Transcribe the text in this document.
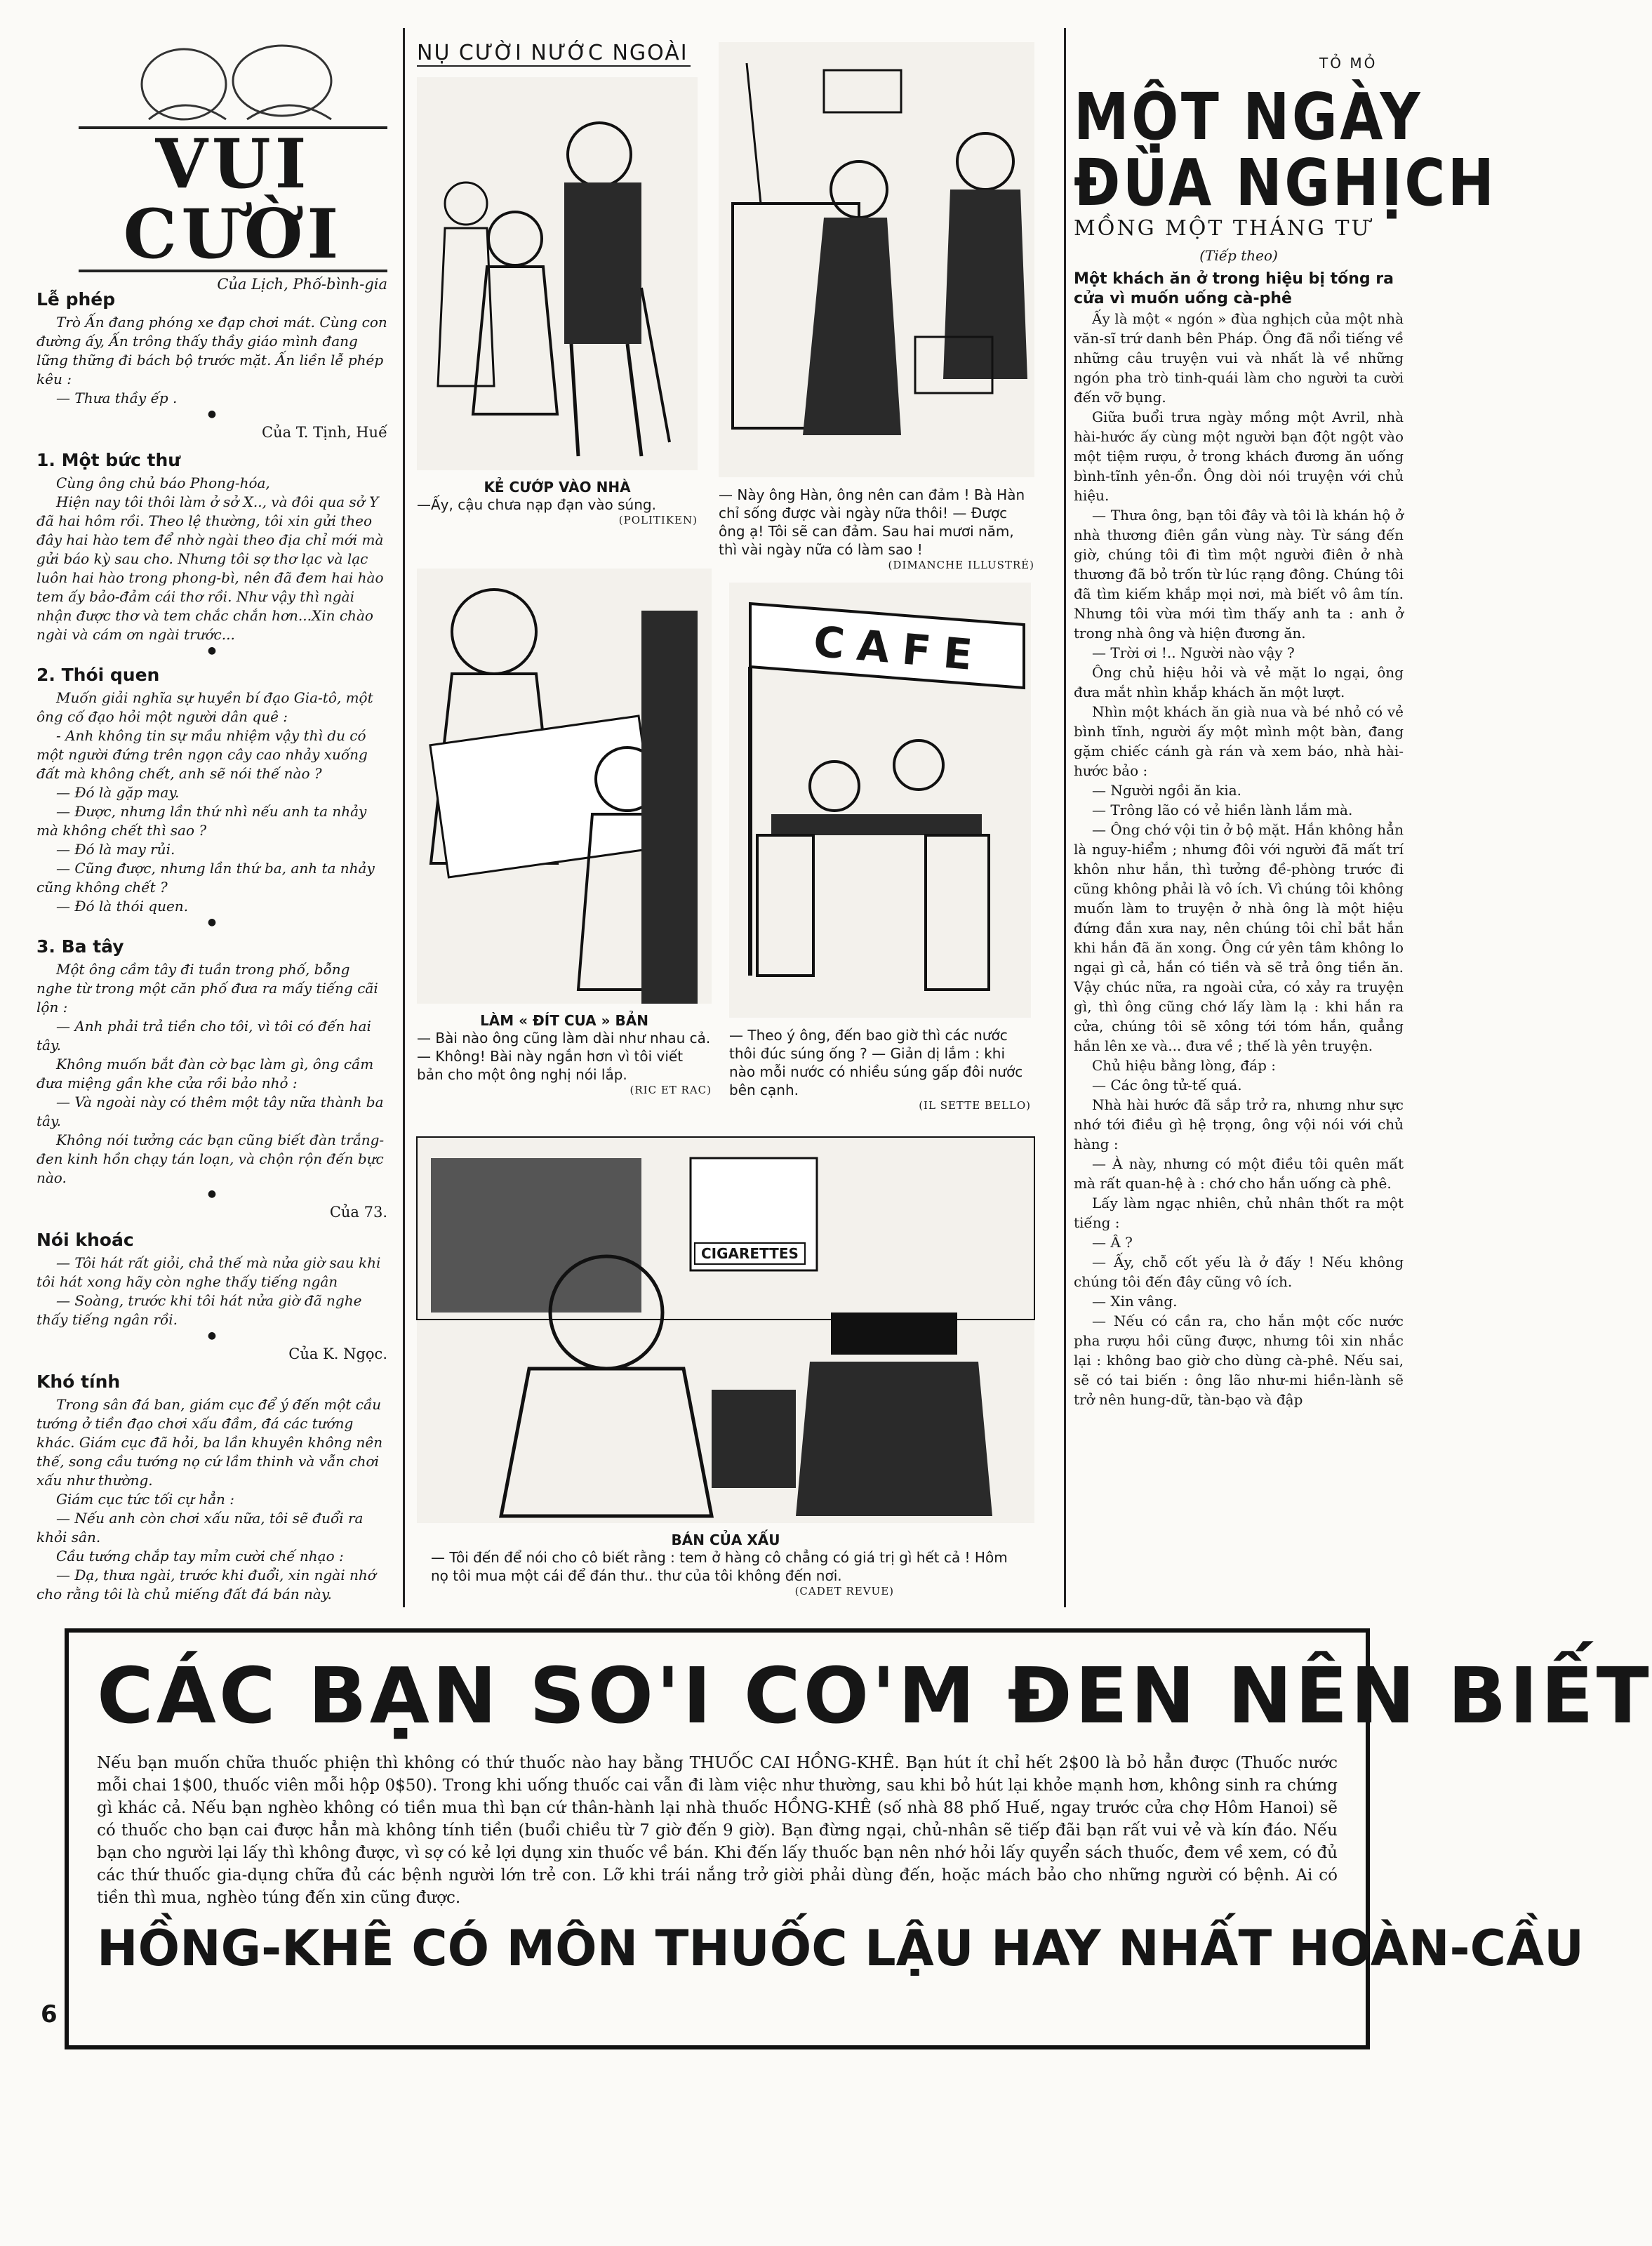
VUI CƯỜI
Của Lịch, Phố-bình-gia
Lễ phép

Trò Ấn đang phóng xe đạp chơi mát. Cùng con đường ấy, Ấn trông thấy thầy giáo mình đang lững thững đi bách bộ trước mặt. Ấn liền lễ phép kêu :

— Thưa thầy ếp .

●
Của T. Tịnh, Huế
1. Một bức thư

Cùng ông chủ báo Phong-hóa,

Hiện nay tôi thôi làm ở sở X.., và đôi qua sở Y đã hai hôm rồi. Theo lệ thường, tôi xin gửi theo đây hai hào tem để nhờ ngài theo địa chỉ mới mà gửi báo kỳ sau cho. Nhưng tôi sợ thơ lạc và lạc luôn hai hào trong phong-bì, nên đã đem hai hào tem ấy bảo-đảm cái thơ rồi. Như vậy thì ngài nhận được thơ và tem chắc chắn hơn...Xin chào ngài và cám ơn ngài trước...

●
2. Thói quen

Muốn giải nghĩa sự huyền bí đạo Gia-tô, một ông cố đạo hỏi một người dân quê :

- Anh không tin sự mầu nhiệm vậy thì du có một người đứng trên ngọn cây cao nhảy xuống đất mà không chết, anh sẽ nói thế nào ?

— Đó là gặp may.

— Được, nhưng lần thứ nhì nếu anh ta nhảy mà không chết thì sao ?

— Đó là may rủi.

— Cũng được, nhưng lần thứ ba, anh ta nhảy cũng không chết ?

— Đó là thói quen.

●
3. Ba tây

Một ông cầm tây đi tuần trong phố, bỗng nghe từ trong một căn phố đưa ra mấy tiếng cãi lộn :

— Anh phải trả tiền cho tôi, vì tôi có đến hai tây.

Không muốn bắt đàn cờ bạc làm gì, ông cầm đưa miệng gần khe cửa rồi bảo nhỏ :

— Và ngoài này có thêm một tây nữa thành ba tây.

Không nói tưởng các bạn cũng biết đàn trắng-đen kinh hồn chạy tán loạn, và chộn rộn đến bực nào.

●
Của 73.
Nói khoác

— Tôi hát rất giỏi, chả thế mà nửa giờ sau khi tôi hát xong hãy còn nghe thấy tiếng ngân

— Soàng, trước khi tôi hát nửa giờ đã nghe thấy tiếng ngân rồi.

●
Của K. Ngọc.
Khó tính

Trong sân đá ban, giám cục để ý đến một cầu tướng ở tiền đạo chơi xấu đầm, đá các tướng khác. Giám cục đã hỏi, ba lần khuyên không nên thế, song cầu tướng nọ cứ lầm thinh và vẫn chơi xấu như thường.

Giám cục tức tối cự hẳn :

— Nếu anh còn chơi xấu nữa, tôi sẽ đuổi ra khỏi sân.

Cầu tướng chắp tay mỉm cười chế nhạo :

— Dạ, thưa ngài, trước khi đuổi, xin ngài nhớ cho rằng tôi là chủ miếng đất đá bán này.

NỤ CƯỜI NƯỚC NGOÀI
KẺ CƯỚP VÀO NHÀ
—Ấy, cậu chưa nạp đạn vào súng.
(POLITIKEN)
— Này ông Hàn, ông nên can đảm ! Bà Hàn chỉ sống được vài ngày nữa thôi! — Được ông ạ! Tôi sẽ can đảm. Sau hai mươi năm, thì vài ngày nữa có làm sao !
(DIMANCHE ILLUSTRÉ)
LÀM « ĐÍT CUA » BẢN
— Bài nào ông cũng làm dài như nhau cả. — Không! Bài này ngắn hơn vì tôi viết bản cho một ông nghị nói lắp.
(RIC ET RAC)
CAFE
— Theo ý ông, đến bao giờ thì các nước thôi đúc súng ống ? — Giản dị lắm : khi nào mỗi nước có nhiều súng gấp đôi nước bên cạnh.
(IL SETTE BELLO)
CIGARETTES
BÁN CỦA XẤU
— Tôi đến để nói cho cô biết rằng : tem ở hàng cô chẳng có giá trị gì hết cả ! Hôm nọ tôi mua một cái để đán thư.. thư của tôi không đến nơi.
(CADET REVUE)
TỎ MỎ
MỘT NGÀY
ĐÙA NGHỊCH
MỒNG MỘT THÁNG TƯ
(Tiếp theo)
Một khách ăn ở trong hiệu bị tống ra cửa vì muốn uống cà-phê

Ấy là một « ngón » đùa nghịch của một nhà văn-sĩ trứ danh bên Pháp. Ông đã nổi tiếng về những câu truyện vui và nhất là về những ngón pha trò tinh-quái làm cho người ta cười đến vỡ bụng.

Giữa buổi trưa ngày mồng một Avril, nhà hài-hước ấy cùng một người bạn đột ngột vào một tiệm rượu, ở trong khách đương ăn uống bình-tĩnh yên-ổn. Ông dòi nói truyện với chủ hiệu.

— Thưa ông, bạn tôi đây và tôi là khán hộ ở nhà thương điên gần vùng này. Từ sáng đến giờ, chúng tôi đi tìm một người điên ở nhà thương đã bỏ trốn từ lúc rạng đông. Chúng tôi đã tìm kiếm khắp mọi nơi, mà biết vô âm tín. Nhưng tôi vừa mới tìm thấy anh ta : anh ở trong nhà ông và hiện đương ăn.

— Trời ơi !.. Người nào vậy ?

Ông chủ hiệu hỏi và vẻ mặt lo ngại, ông đưa mắt nhìn khắp khách ăn một lượt.

Nhìn một khách ăn già nua và bé nhỏ có vẻ bình tĩnh, người ấy một mình một bàn, đang gặm chiếc cánh gà rán và xem báo, nhà hài-hước bảo :

— Người ngồi ăn kia.

— Trông lão có vẻ hiền lành lắm mà.

— Ông chớ vội tin ở bộ mặt. Hắn không hẳn là nguy-hiểm ; nhưng đôi với người đã mất trí khôn như hắn, thì tưởng đề-phòng trước đi cũng không phải là vô ích. Vì chúng tôi không muốn làm to truyện ở nhà ông là một hiệu đứng đắn xưa nay, nên chúng tôi chỉ bắt hắn khi hắn đã ăn xong. Ông cứ yên tâm không lo ngại gì cả, hắn có tiền và sẽ trả ông tiền ăn. Vậy chúc nữa, ra ngoài cửa, có xảy ra truyện gì, thì ông cũng chớ lấy làm lạ : khi hắn ra cửa, chúng tôi sẽ xông tới tóm hắn, quẳng hắn lên xe và... đưa về ; thế là yên truyện.

Chủ hiệu bằng lòng, đáp :

— Các ông tử-tế quá.

Nhà hài hước đã sắp trở ra, nhưng như sực nhớ tới điều gì hệ trọng, ông vội nói với chủ hàng :

— À này, nhưng có một điều tôi quên mất mà rất quan-hệ à : chớ cho hắn uống cà phê.

Lấy làm ngạc nhiên, chủ nhân thốt ra một tiếng :

— Â ?

— Ấy, chỗ cốt yếu là ở đấy ! Nếu không chúng tôi đến đây cũng vô ích.

— Xin vâng.

— Nếu có cần ra, cho hắn một cốc nước pha rượu hồi cũng được, nhưng tôi xin nhắc lại : không bao giờ cho dùng cà-phê. Nếu sai, sẽ có tai biến : ông lão như-mi hiền-lành sẽ trở nên hung-dữ, tàn-bạo và đập

CÁC BẠN SO'I CO'M ĐEN NÊN BIẾT
Nếu bạn muốn chữa thuốc phiện thì không có thứ thuốc nào hay bằng THUỐC CAI HỒNG-KHÊ. Bạn hút ít chỉ hết 2$00 là bỏ hẳn được (Thuốc nước mỗi chai 1$00, thuốc viên mỗi hộp 0$50). Trong khi uống thuốc cai vẫn đi làm việc như thường, sau khi bỏ hút lại khỏe mạnh hơn, không sinh ra chứng gì khác cả. Nếu bạn nghèo không có tiền mua thì bạn cứ thân-hành lại nhà thuốc HỒNG-KHÊ (số nhà 88 phố Huế, ngay trước cửa chợ Hôm Hanoi) sẽ có thuốc cho bạn cai được hẳn mà không tính tiền (buổi chiều từ 7 giờ đến 9 giờ). Bạn đừng ngại, chủ-nhân sẽ tiếp đãi bạn rất vui vẻ và kín đáo. Nếu bạn cho người lại lấy thì không được, vì sợ có kẻ lợi dụng xin thuốc về bán. Khi đến lấy thuốc bạn nên nhớ hỏi lấy quyển sách thuốc, đem về xem, có đủ các thứ thuốc gia-dụng chữa đủ các bệnh người lớn trẻ con. Lỡ khi trái nắng trở giời phải dùng đến, hoặc mách bảo cho những người có bệnh. Ai có tiền thì mua, nghèo túng đến xin cũng được.
HỒNG-KHÊ CÓ MÔN THUỐC LẬU HAY NHẤT HOÀN-CẦU
6
